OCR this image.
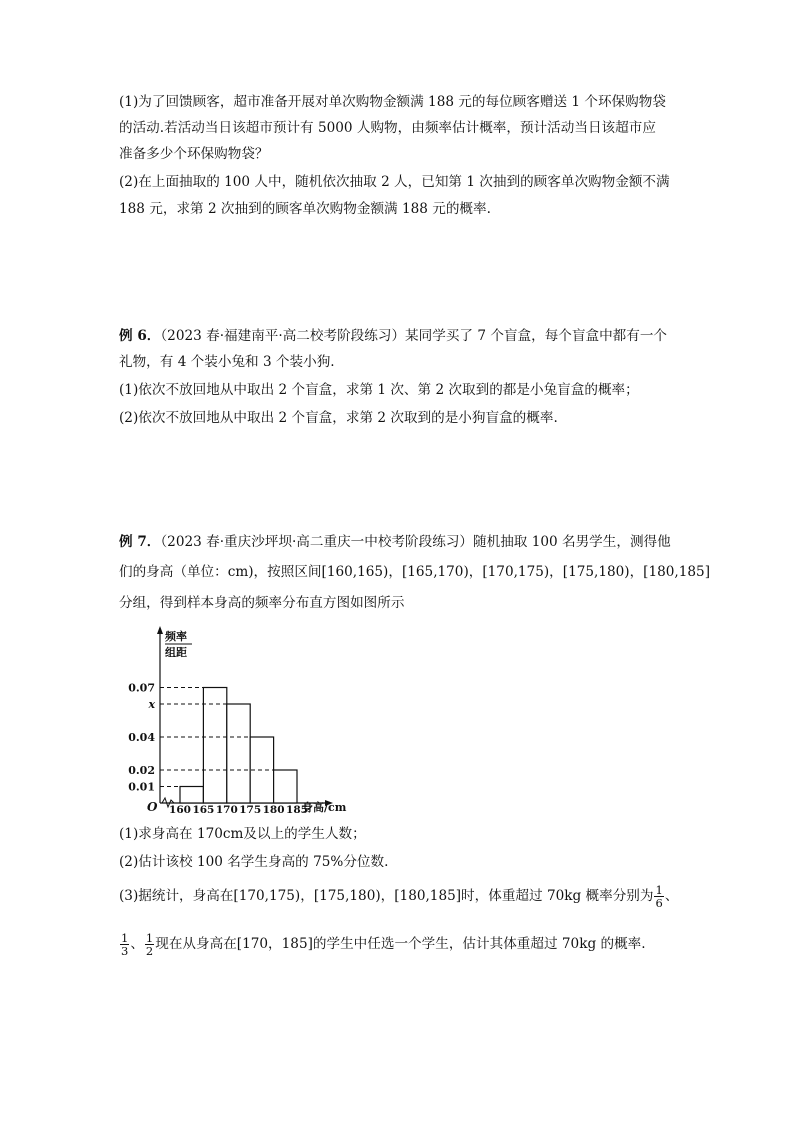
(1)为了回馈顾客，超市准备开展对单次购物金额满 188 元的每位顾客赠送 1 个环保购物袋
的活动.若活动当日该超市预计有 5000 人购物，由频率估计概率，预计活动当日该超市应
准备多少个环保购物袋？
(2)在上面抽取的 100 人中，随机依次抽取 2 人，已知第 1 次抽到的顾客单次购物金额不满
188 元，求第 2 次抽到的顾客单次购物金额满 188 元的概率.
例 6．（2023 春·福建南平·高二校考阶段练习）某同学买了 7 个盲盒，每个盲盒中都有一个
礼物，有 4 个装小兔和 3 个装小狗.
(1)依次不放回地从中取出 2 个盲盒，求第 1 次、第 2 次取到的都是小兔盲盒的概率；
(2)依次不放回地从中取出 2 个盲盒，求第 2 次取到的是小狗盲盒的概率.
例 7．（2023 春·重庆沙坪坝·高二重庆一中校考阶段练习）随机抽取 100 名男学生，测得他
们的身高（单位：cm)，按照区间[160,165)，[165,170)，[170,175)，[175,180)，[180,185]
分组，得到样本身高的频率分布直方图如图所示
0.07
x
0.04
0.02
0.01
160 165 170 175 180 185
O
频率
组距
身高/cm
(1)求身高在 170cm及以上的学生人数；
(2)估计该校 100 名学生身高的 75%分位数.
(3)据统计，身高在[170,175)，[175,180)，[180,185]时，体重超过 70kg 概率分别为 $\frac{1}{6}$ 、
$\frac{1}{3}$ 、 $\frac{1}{2}$ 现在从身高在[170，185]的学生中任选一个学生，估计其体重超过 70kg 的概率.
